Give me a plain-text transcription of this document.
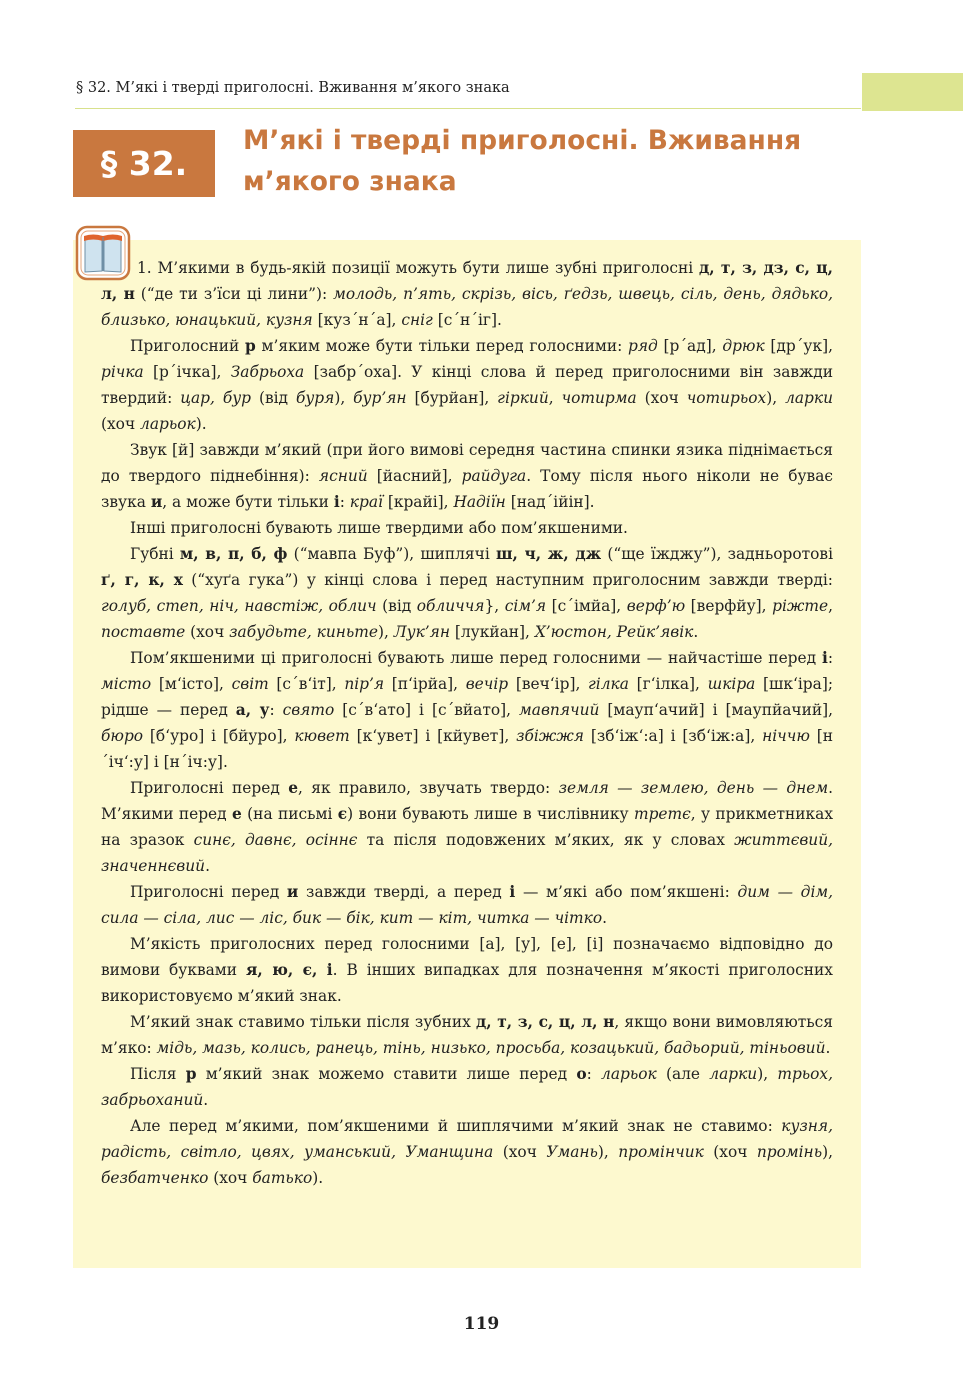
§ 32. М’які і тверді приголосні. Вживання м’якого знака
§ 32.
М’які і тверді приголосні. Вживання м’якого знака

1. М’якими в будь-якій позиції можуть бути лише зубні приголосні д, т, з, дз, с, ц, л, н (“де ти з’їси ці лини”): молодь, п’ять, скрізь, вісь, ґедзь, швець, сіль, день, дядько, близько, юнацький, кузня [куз´н´а], сніг [с´н´іг].

Приголосний р м’яким може бути тільки перед голосними: ряд [р´ад], дрюк [др´ук], річка [р´ічка], Забрьоха [забр´оха]. У кінці слова й перед приголосними він завжди твердий: цар, бур (від буря), бур’ян [бурйан], гіркий, чотирма (хоч чотирьох), ларки (хоч ларьок).

Звук [й] завжди м’який (при його вимові середня частина спинки язика піднімається до твердого піднебіння): ясний [йасний], райдуга. Тому після нього ніколи не буває звука и, а може бути тільки і: краї [крайі], Надіїн [над´ійін].

Інші приголосні бувають лише твердими або пом’якшеними.

Губні м, в, п, б, ф (“мавпа Буф”), шиплячі ш, ч, ж, дж (“ще їжджу”), задньоротові ґ, г, к, х (“хуґа гука”) у кінці слова і перед наступним приголосним завжди тверді: голуб, степ, ніч, навстіж, облич (від обличчя}, сім’я [с´імйа], верф’ю [верфйу], ріжте, поставте (хоч забудьте, киньте), Лук’ян [лукйан], Х’юстон, Рейк’явік.

Пом’якшеними ці приголосні бувають лише перед голосними — найчастіше перед і: місто [м‘істо], світ [с´в‘іт], пір’я [п‘ірйа], вечір [веч‘ір], гілка [г‘ілка], шкіра [шк‘іра]; рідше — перед а, у: свято [с´в‘ато] і [с´вйато], мавпячий [мауп‘ачий] і [маупйачий], бюро [б‘уро] і [бйуро], кювет [к‘увет] і [кйувет], збіжжя [зб‘іж‘:а] і [зб‘іж:а], ніччю [н´іч‘:у] і [н´іч:у].

Приголосні перед е, як правило, звучать твердо: земля — землею, день — днем. М’якими перед е (на письмі є) вони бувають лише в числівнику третє, у прикметниках на зразок синє, давнє, осіннє та після подовжених м’яких, як у словах життєвий, значеннєвий.

Приголосні перед и завжди тверді, а перед і — м’які або пом’якшені: дим — дім, сила — сіла, лис — ліс, бик — бік, кит — кіт, читка — чітко.

М’якість приголосних перед голосними [а], [у], [е], [і] позначаємо відповідно до вимови буквами я, ю, є, і. В інших випадках для позначення м’якості приголосних використовуємо м’який знак.

М’який знак ставимо тільки після зубних д, т, з, с, ц, л, н, якщо вони вимовляються м’яко: мідь, мазь, колись, ранець, тінь, низько, просьба, козацький, бадьорий, тіньовий.

Після р м’який знак можемо ставити лише перед о: ларьок (але ларки), трьох, забрьоханий.

Але перед м’якими, пом’якшеними й шиплячими м’який знак не ставимо: кузня, радість, світло, цвях, уманський, Уманщина (хоч Умань), промінчик (хоч промінь), безбатченко (хоч батько).

119
